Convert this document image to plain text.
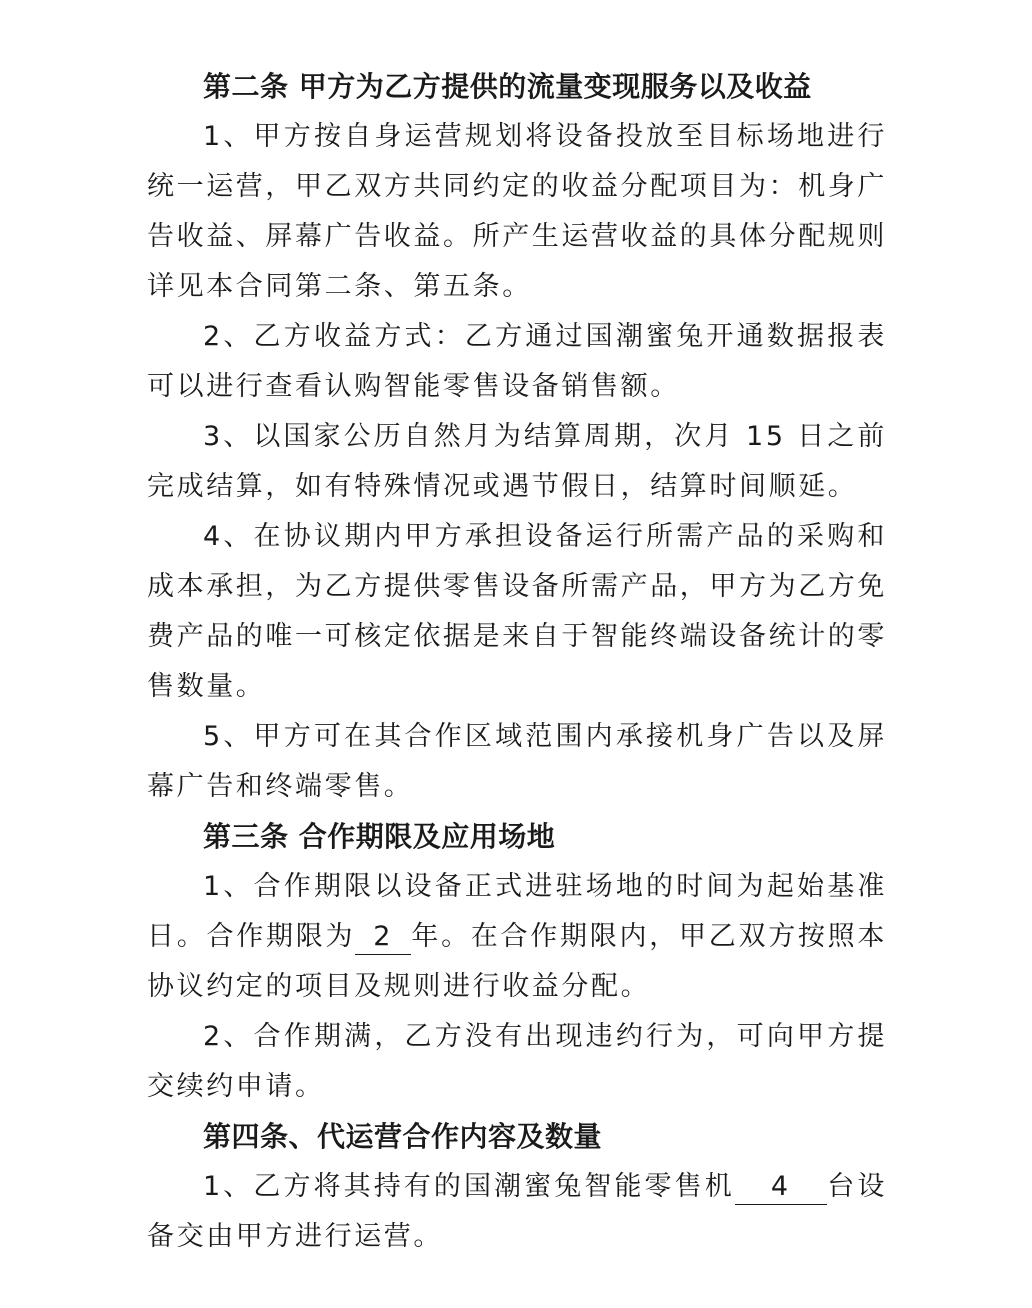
第二条 甲方为乙方提供的流量变现服务以及收益

1、甲方按自身运营规划将设备投放至目标场地进行统一运营，甲乙双方共同约定的收益分配项目为：机身广告收益、屏幕广告收益。所产生运营收益的具体分配规则详见本合同第二条、第五条。

2、乙方收益方式：乙方通过国潮蜜兔开通数据报表可以进行查看认购智能零售设备销售额。

3、以国家公历自然月为结算周期，次月 15 日之前完成结算，如有特殊情况或遇节假日，结算时间顺延。

4、在协议期内甲方承担设备运行所需产品的采购和成本承担，为乙方提供零售设备所需产品，甲方为乙方免费产品的唯一可核定依据是来自于智能终端设备统计的零售数量。

5、甲方可在其合作区域范围内承接机身广告以及屏幕广告和终端零售。

第三条 合作期限及应用场地

1、合作期限以设备正式进驻场地的时间为起始基准日。合作期限为 2 年。在合作期限内，甲乙双方按照本协议约定的项目及规则进行收益分配。

2、合作期满，乙方没有出现违约行为，可向甲方提交续约申请。

第四条、代运营合作内容及数量

1、乙方将其持有的国潮蜜兔智能零售机 4 台设备交由甲方进行运营。
